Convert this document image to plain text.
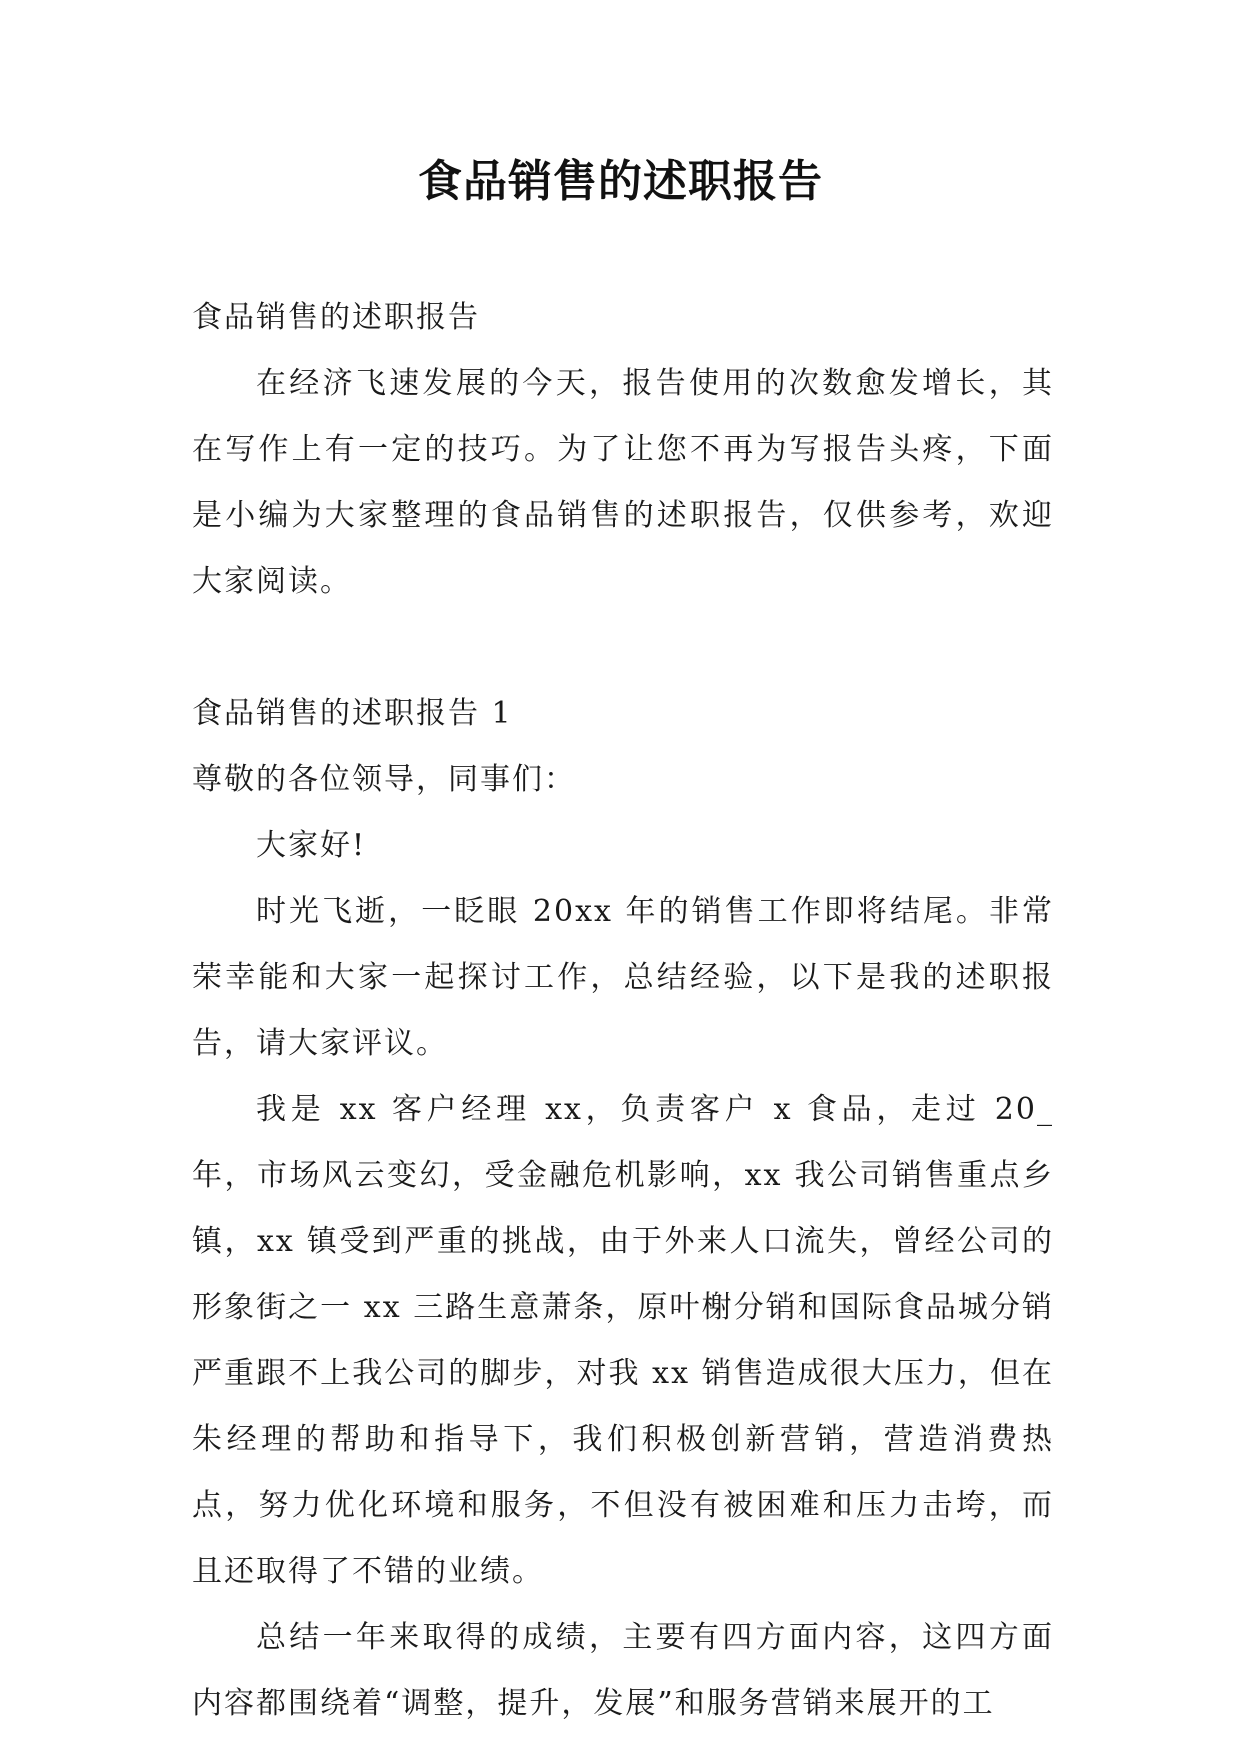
食品销售的述职报告

食品销售的述职报告

在经济飞速发展的今天，报告使用的次数愈发增长，其在写作上有一定的技巧。为了让您不再为写报告头疼，下面是小编为大家整理的食品销售的述职报告，仅供参考，欢迎大家阅读。

食品销售的述职报告 1

尊敬的各位领导，同事们：

大家好!

时光飞逝，一眨眼 20xx 年的销售工作即将结尾。非常荣幸能和大家一起探讨工作，总结经验，以下是我的述职报告，请大家评议。

我是 xx 客户经理 xx，负责客户 x 食品，走过 20_年，市场风云变幻，受金融危机影响，xx 我公司销售重点乡镇，xx 镇受到严重的挑战，由于外来人口流失，曾经公司的形象街之一 xx 三路生意萧条，原叶榭分销和国际食品城分销严重跟不上我公司的脚步，对我 xx 销售造成很大压力，但在朱经理的帮助和指导下，我们积极创新营销，营造消费热点，努力优化环境和服务，不但没有被困难和压力击垮，而且还取得了不错的业绩。

总结一年来取得的成绩，主要有四方面内容，这四方面内容都围绕着“调整，提升，发展”和服务营销来展开的工
